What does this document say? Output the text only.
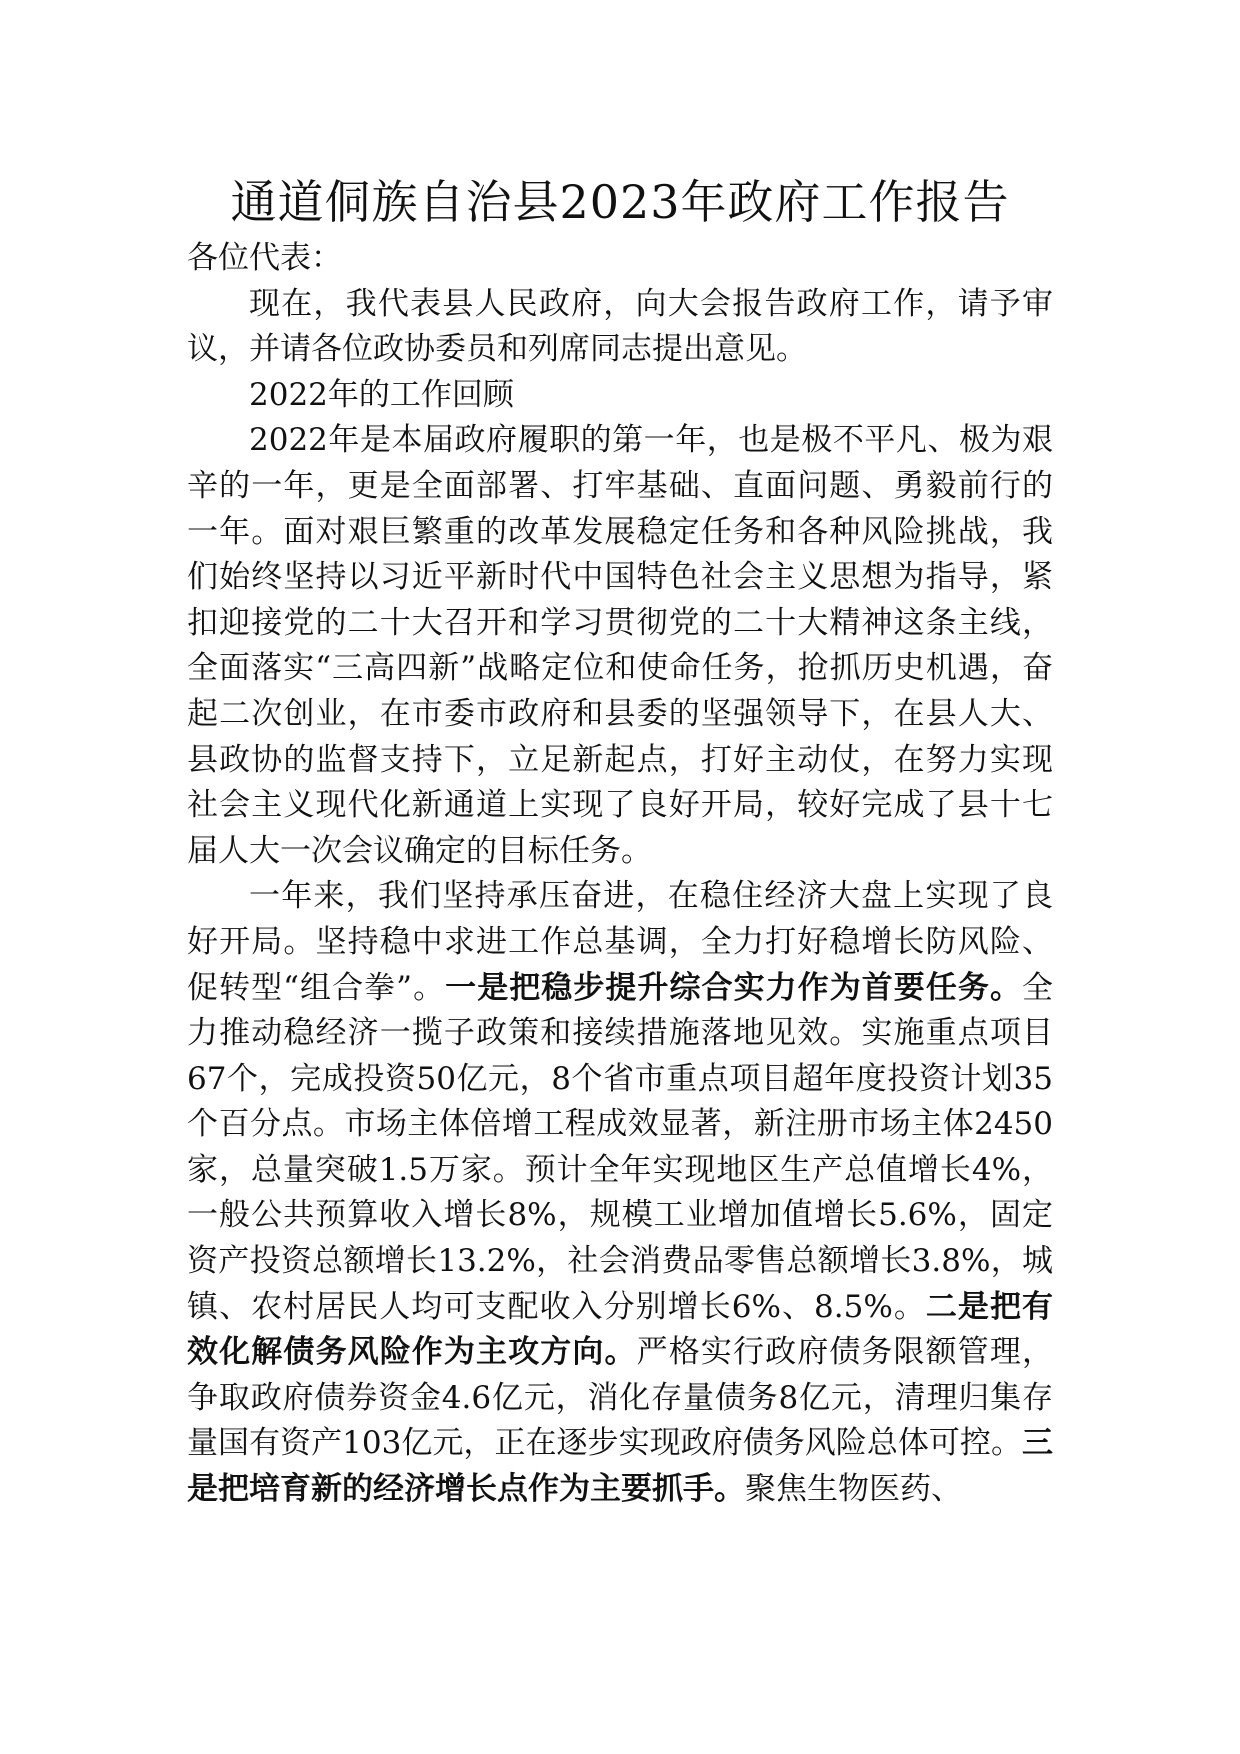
通道侗族自治县2023年政府工作报告

各位代表：

现在，我代表县人民政府，向大会报告政府工作，请予审议，并请各位政协委员和列席同志提出意见。

2022年的工作回顾

2022年是本届政府履职的第一年，也是极不平凡、极为艰辛的一年，更是全面部署、打牢基础、直面问题、勇毅前行的一年。面对艰巨繁重的改革发展稳定任务和各种风险挑战，我们始终坚持以习近平新时代中国特色社会主义思想为指导，紧扣迎接党的二十大召开和学习贯彻党的二十大精神这条主线，全面落实“三高四新”战略定位和使命任务，抢抓历史机遇，奋起二次创业，在市委市政府和县委的坚强领导下，在县人大、县政协的监督支持下，立足新起点，打好主动仗，在努力实现社会主义现代化新通道上实现了良好开局，较好完成了县十七届人大一次会议确定的目标任务。

一年来，我们坚持承压奋进，在稳住经济大盘上实现了良好开局。坚持稳中求进工作总基调，全力打好稳增长防风险、促转型“组合拳”。一是把稳步提升综合实力作为首要任务。全力推动稳经济一揽子政策和接续措施落地见效。实施重点项目67个，完成投资50亿元，8个省市重点项目超年度投资计划35个百分点。市场主体倍增工程成效显著，新注册市场主体2450家，总量突破1.5万家。预计全年实现地区生产总值增长4%，一般公共预算收入增长8%，规模工业增加值增长5.6%，固定资产投资总额增长13.2%，社会消费品零售总额增长3.8%，城镇、农村居民人均可支配收入分别增长6%、8.5%。二是把有效化解债务风险作为主攻方向。严格实行政府债务限额管理，争取政府债券资金4.6亿元，消化存量债务8亿元，清理归集存量国有资产103亿元，正在逐步实现政府债务风险总体可控。三是把培育新的经济增长点作为主要抓手。聚焦生物医药、
